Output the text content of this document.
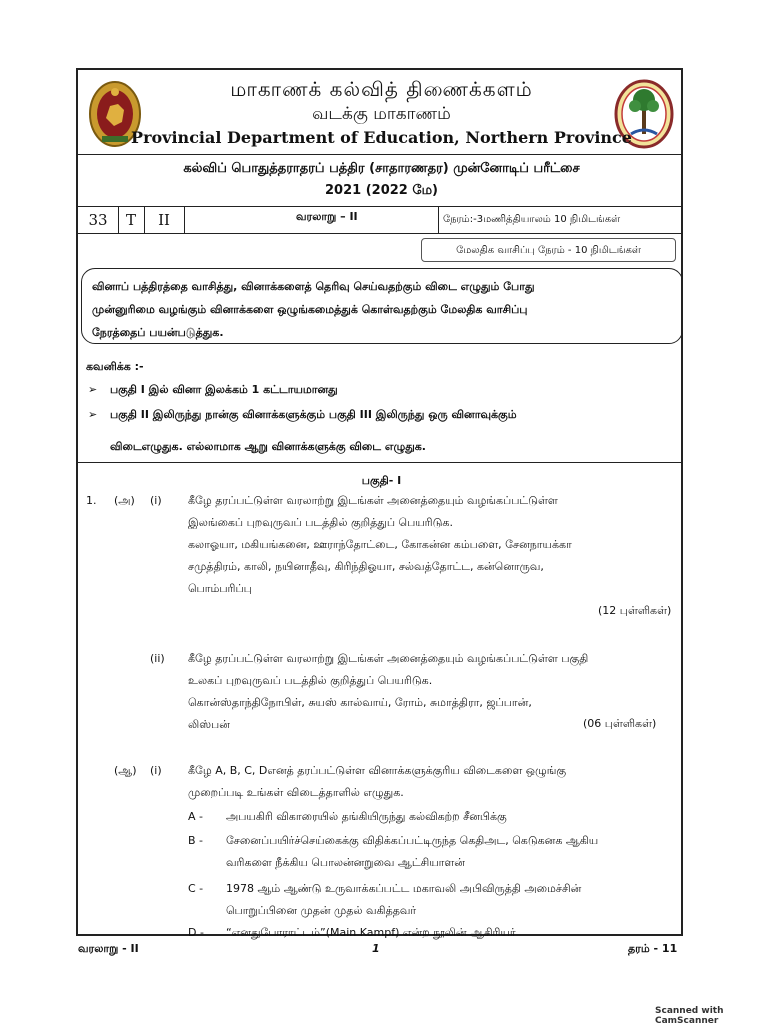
மாகாணக் கல்வித் திணைக்களம்
வடக்கு மாகாணம்
Provincial Department of Education, Northern Province
கல்விப் பொதுத்தராதரப் பத்திர (சாதாரணதர) முன்னோடிப் பரீட்சை
2021 (2022 மே)
33	T	II	வரலாறு – II	நேரம்:-3மணித்தியாலம் 10 நிமிடங்கள்
மேலதிக வாசிப்பு நேரம் - 10 நிமிடங்கள்
வினாப் பத்திரத்தை வாசித்து, வினாக்களைத் தெரிவு செய்வதற்கும் விடை எழுதும் போது
முன்னுரிமை வழங்கும் வினாக்களை ஒழுங்கமைத்துக் கொள்வதற்கும் மேலதிக வாசிப்பு
நேரத்தைப் பயன்படுத்துக.
கவனிக்க :-
➢ பகுதி I இல் வினா இலக்கம் 1 கட்டாயமானது
➢ பகுதி II இலிருந்து நான்கு வினாக்களுக்கும் பகுதி III இலிருந்து ஒரு வினாவுக்கும்
விடைஎழுதுக. எல்லாமாக ஆறு வினாக்களுக்கு விடை எழுதுக.
பகுதி- I
1. (அ) (i) கீழே தரப்பட்டுள்ள வரலாற்று இடங்கள் அனைத்தையும் வழங்கப்பட்டுள்ள
இலங்கைப் புறவுருவப் படத்தில் குறித்துப் பெயரிடுக.
கலாஓயா, மகியங்கனை, ஊராந்தோட்டை, கோகன்ன கம்பளை, சேனநாயக்கா
சமுத்திரம், காலி, நயினாதீவு, கிரிந்திஓயா, சல்வத்தோட்ட, கன்னொருவ,
பொம்பரிப்பு
(12 புள்ளிகள்)
(ii) கீழே தரப்பட்டுள்ள வரலாற்று இடங்கள் அனைத்தையும் வழங்கப்பட்டுள்ள பகுதி
உலகப் புறவுருவப் படத்தில் குறித்துப் பெயரிடுக.
கொன்ஸ்தாந்திநோபிள், சுயஸ் கால்வாய், ரோம், சுமாத்திரா, ஜப்பான்,
லிஸ்பன்	(06 புள்ளிகள்)
(ஆ) (i) கீழே A, B, C, Dஎனத் தரப்பட்டுள்ள வினாக்களுக்குரிய விடைகளை ஒழுங்கு
முறைப்படி உங்கள் விடைத்தாளில் எழுதுக.
A - அபயகிரி விகாரையில் தங்கியிருந்து கல்விகற்ற சீனபிக்கு
B - சேனைப்பயிர்ச்செய்கைக்கு விதிக்கப்பட்டிருந்த கெதிஅட, கெடுகனக ஆகிய
வரிகளை நீக்கிய பொலன்னறுவை ஆட்சியாளன்
C - 1978 ஆம் ஆண்டு உருவாக்கப்பட்ட மகாவலி அபிவிருத்தி அமைச்சின்
பொறுப்பினை முதன் முதல் வகித்தவர்
D - “எனதுபோராட்டம்”(Main Kampf) என்ற நூலின் ஆசிரியர்
வரலாறு - II	1	தரம் - 11
Scanned with CamScanner
